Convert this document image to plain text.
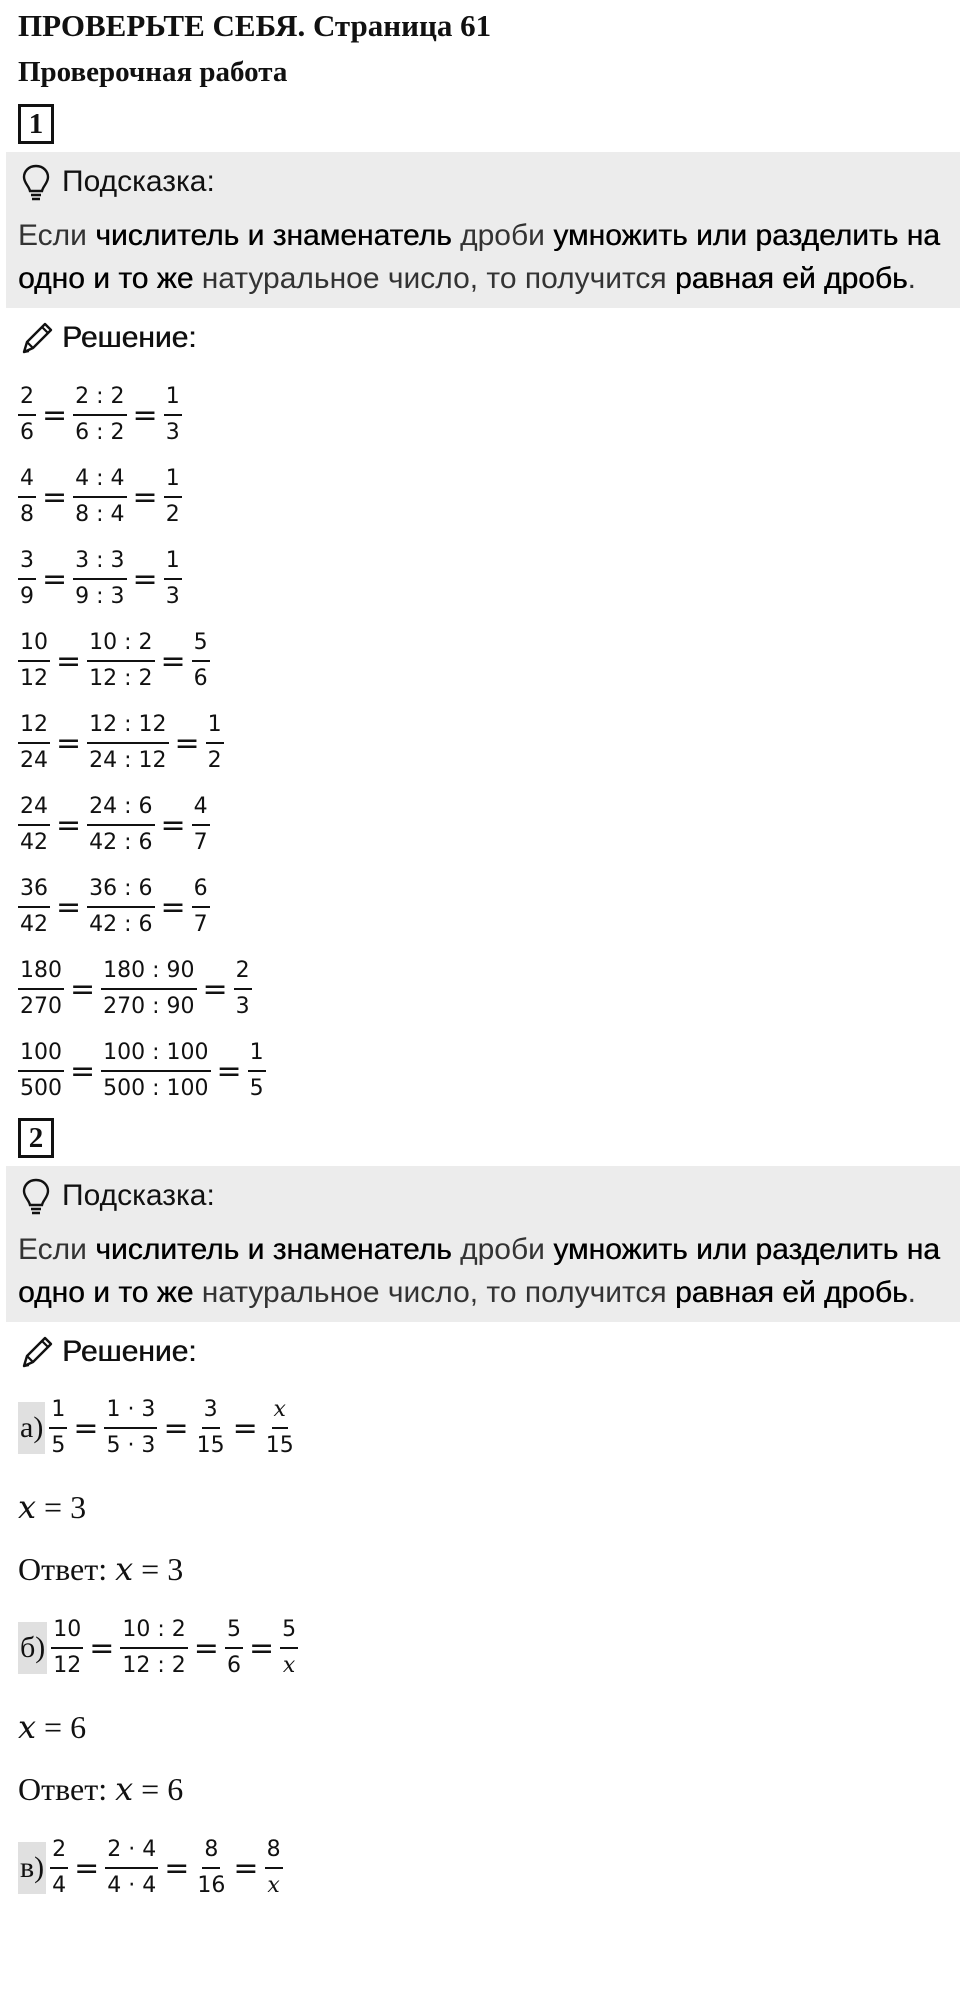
ПРОВЕРЬТЕ СЕБЯ. Страница 61
Проверочная работа
1
Подсказка:
Если числитель и знаменатель дроби умножить или разделить на одно и то же натуральное число, то получится равная ей дробь.
Решение:
$\frac{2}{6} = \frac{2 : 2}{6 : 2} = \frac{1}{3}$
$\frac{4}{8} = \frac{4 : 4}{8 : 4} = \frac{1}{2}$
$\frac{3}{9} = \frac{3 : 3}{9 : 3} = \frac{1}{3}$
$\frac{10}{12} = \frac{10 : 2}{12 : 2} = \frac{5}{6}$
$\frac{12}{24} = \frac{12 : 12}{24 : 12} = \frac{1}{2}$
$\frac{24}{42} = \frac{24 : 6}{42 : 6} = \frac{4}{7}$
$\frac{36}{42} = \frac{36 : 6}{42 : 6} = \frac{6}{7}$
$\frac{180}{270} = \frac{180 : 90}{270 : 90} = \frac{2}{3}$
$\frac{100}{500} = \frac{100 : 100}{500 : 100} = \frac{1}{5}$
2
Подсказка:
Если числитель и знаменатель дроби умножить или разделить на одно и то же натуральное число, то получится равная ей дробь.
Решение:
$а) \frac{1}{5} = \frac{1 \cdot 3}{5 \cdot 3} = \frac{3}{15} = \frac{x}{15}$
x = 3
Ответ: x = 3
$б) \frac{10}{12} = \frac{10 : 2}{12 : 2} = \frac{5}{6} = \frac{5}{x}$
x = 6
Ответ: x = 6
$в) \frac{2}{4} = \frac{2 \cdot 4}{4 \cdot 4} = \frac{8}{16} = \frac{8}{x}$
